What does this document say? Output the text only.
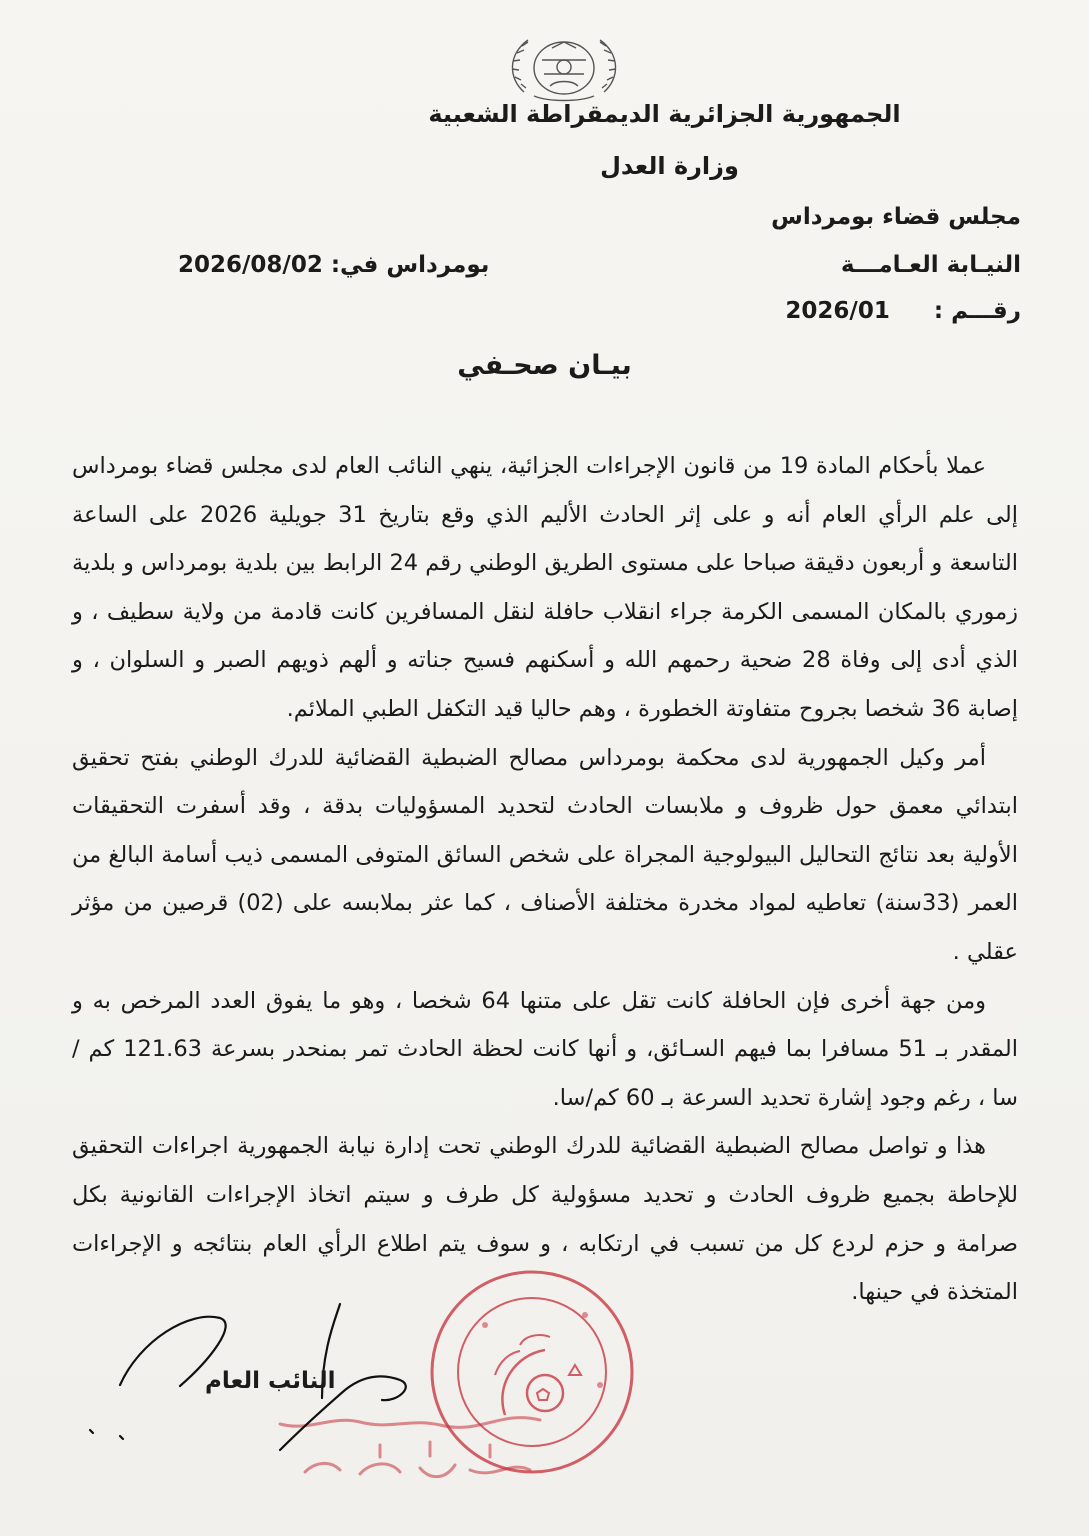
الجمهورية الجزائرية الديمقراطة الشعبية
وزارة العدل
مجلس قضاء بومرداس
النيـابة العـامـــة
رقـــم : 2026/01
بومرداس في: 2026/08/02
بيـان صحـفي

عملا بأحكام المادة 19 من قانون الإجراءات الجزائية، ينهي النائب العام لدى مجلس قضاء بومرداس إلى علم الرأي العام أنه و على إثر الحادث الأليم الذي وقع بتاريخ 31 جويلية 2026 على الساعة التاسعة و أربعون دقيقة صباحا على مستوى الطريق الوطني رقم 24 الرابط بين بلدية بومرداس و بلدية زموري بالمكان المسمى الكرمة جراء انقلاب حافلة لنقل المسافرين كانت قادمة من ولاية سطيف ، و الذي أدى إلى وفاة 28 ضحية رحمهم الله و أسكنهم فسيح جناته و ألهم ذويهم الصبر و السلوان ، و إصابة 36 شخصا بجروح متفاوتة الخطورة ، وهم حاليا قيد التكفل الطبي الملائم.

أمر وكيل الجمهورية لدى محكمة بومرداس مصالح الضبطية القضائية للدرك الوطني بفتح تحقيق ابتدائي معمق حول ظروف و ملابسات الحادث لتحديد المسؤوليات بدقة ، وقد أسفرت التحقيقات الأولية بعد نتائج التحاليل البيولوجية المجراة على شخص السائق المتوفى المسمى ذيب أسامة البالغ من العمر (33سنة) تعاطيه لمواد مخدرة مختلفة الأصناف ، كما عثر بملابسه على (02) قرصين من مؤثر عقلي .

ومن جهة أخرى فإن الحافلة كانت تقل على متنها 64 شخصا ، وهو ما يفوق العدد المرخص به و المقدر بـ 51 مسافرا بما فيهم السـائق، و أنها كانت لحظة الحادث تمر بمنحدر بسرعة 121.63 كم / سا ، رغم وجود إشارة تحديد السرعة بـ 60 كم/سا.

هذا و تواصل مصالح الضبطية القضائية للدرك الوطني تحت إدارة نيابة الجمهورية اجراءات التحقيق للإحاطة بجميع ظروف الحادث و تحديد مسؤولية كل طرف و سيتم اتخاذ الإجراءات القانونية بكل صرامة و حزم لردع كل من تسبب في ارتكابه ، و سوف يتم اطلاع الرأي العام بنتائجه و الإجراءات المتخذة في حينها.

النائب العام
